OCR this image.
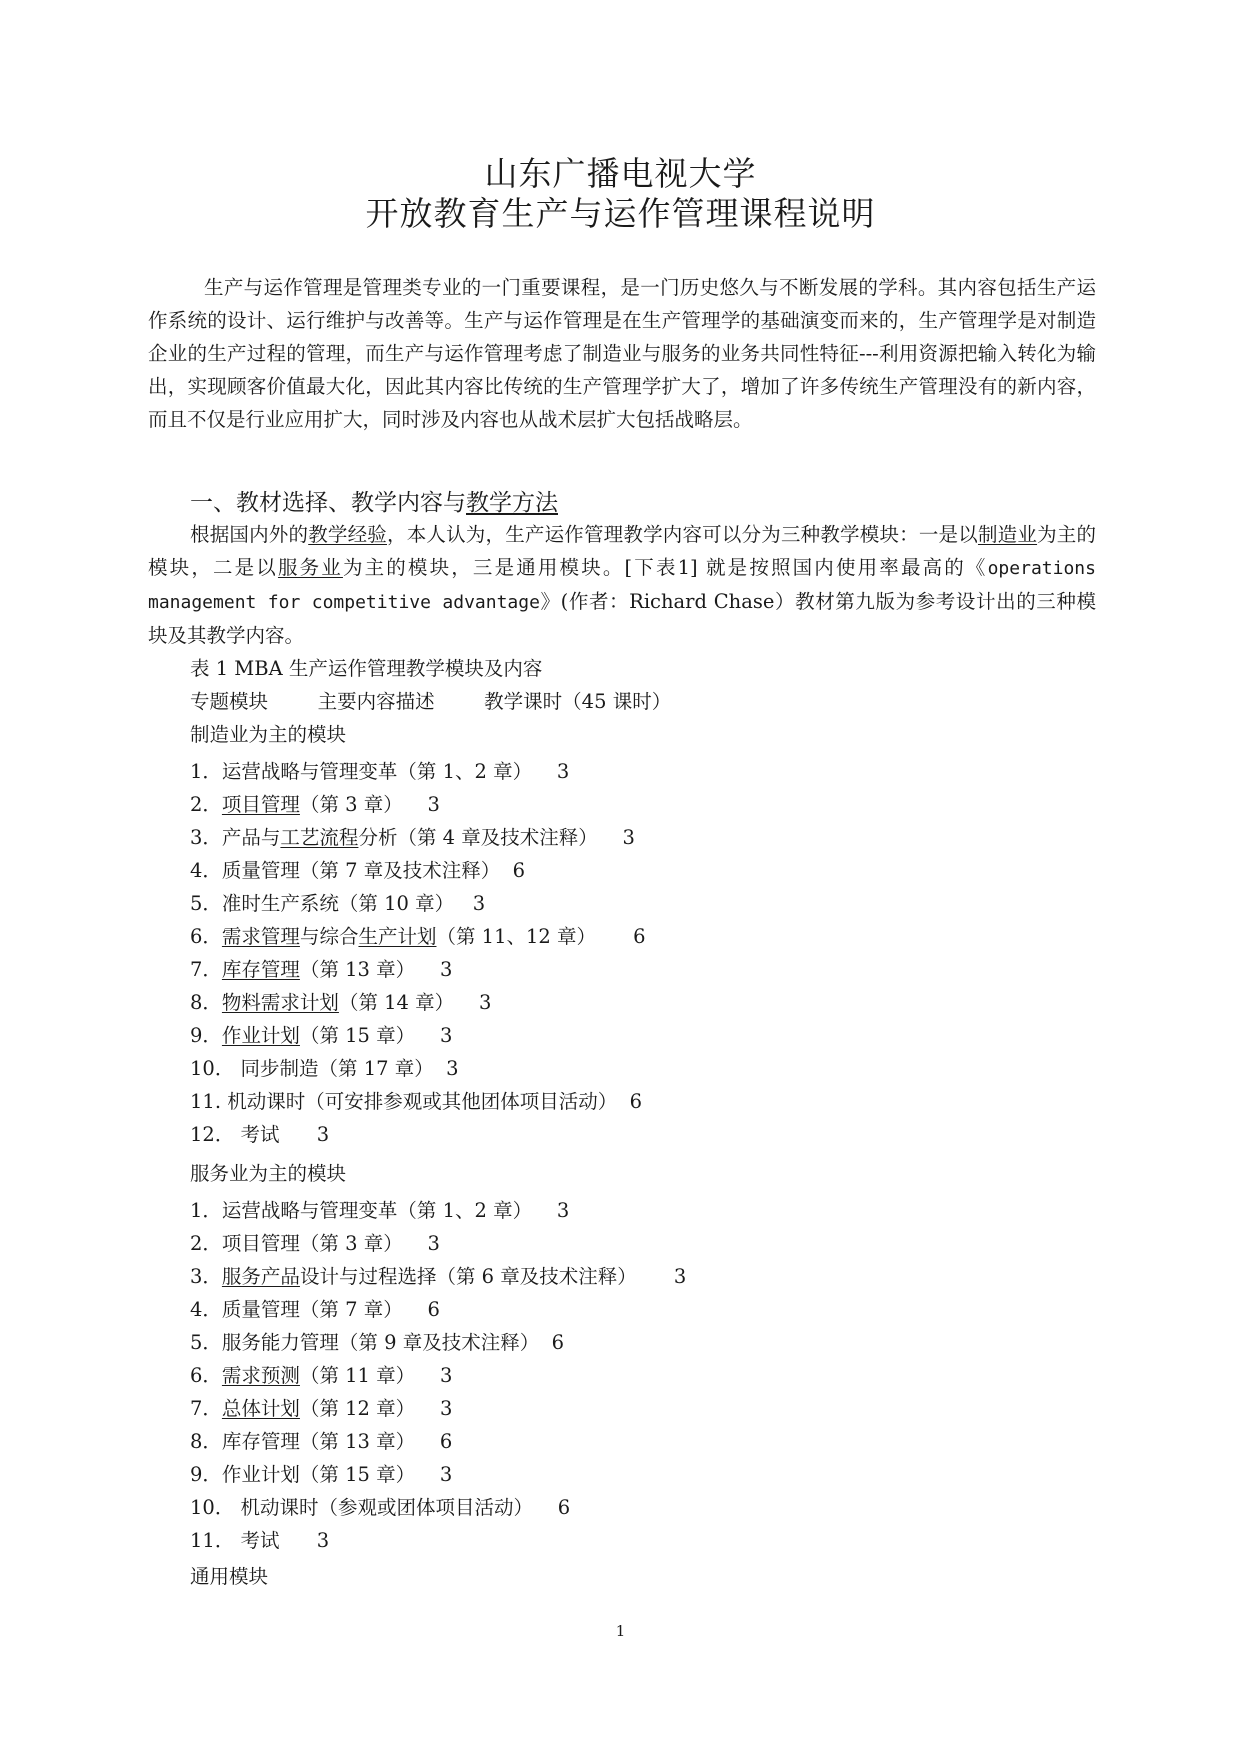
山东广播电视大学
开放教育生产与运作管理课程说明
生产与运作管理是管理类专业的一门重要课程，是一门历史悠久与不断发展的学科。其内容包括生产运作系统的设计、运行维护与改善等。生产与运作管理是在生产管理学的基础演变而来的，生产管理学是对制造企业的生产过程的管理，而生产与运作管理考虑了制造业与服务的业务共同性特征---利用资源把输入转化为输出，实现顾客价值最大化，因此其内容比传统的生产管理学扩大了，增加了许多传统生产管理没有的新内容，而且不仅是行业应用扩大，同时涉及内容也从战术层扩大包括战略层。
一、教材选择、教学内容与教学方法
根据国内外的教学经验，本人认为，生产运作管理教学内容可以分为三种教学模块：一是以制造业为主的模块，二是以服务业为主的模块，三是通用模块。[下表1] 就是按照国内使用率最高的《operations management for competitive advantage》(作者：Richard Chase）教材第九版为参考设计出的三种模块及其教学内容。
表 1 MBA 生产运作管理教学模块及内容
专题模块        主要内容描述        教学课时（45 课时）
制造业为主的模块
1．运营战略与管理变革（第 1、2 章）    3
2．项目管理（第 3 章）    3
3．产品与工艺流程分析（第 4 章及技术注释）    3
4．质量管理（第 7 章及技术注释）  6
5．准时生产系统（第 10 章）   3
6．需求管理与综合生产计划（第 11、12 章）      6
7．库存管理（第 13 章）    3
8．物料需求计划（第 14 章）    3
9．作业计划（第 15 章）    3
10． 同步制造（第 17 章）  3
11. 机动课时（可安排参观或其他团体项目活动）  6
12． 考试      3
服务业为主的模块
1．运营战略与管理变革（第 1、2 章）    3
2．项目管理（第 3 章）    3
3．服务产品设计与过程选择（第 6 章及技术注释）      3
4．质量管理（第 7 章）    6
5．服务能力管理（第 9 章及技术注释）  6
6．需求预测（第 11 章）    3
7．总体计划（第 12 章）    3
8．库存管理（第 13 章）    6
9．作业计划（第 15 章）    3
10． 机动课时（参观或团体项目活动）    6
11． 考试      3
通用模块
1
